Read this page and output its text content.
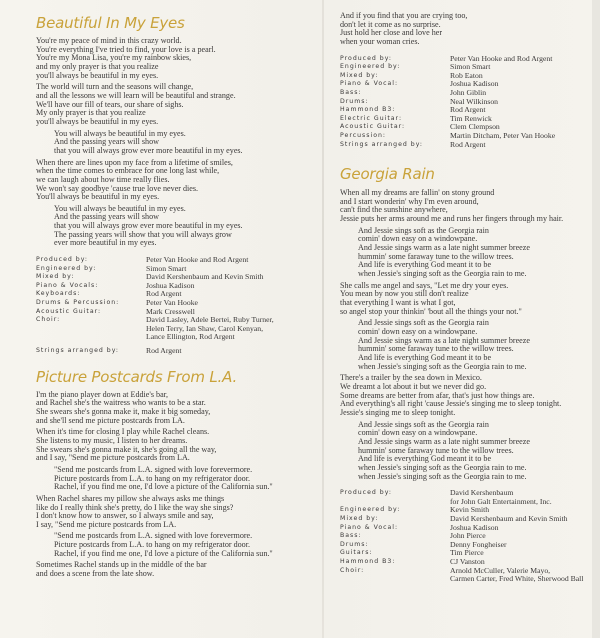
Beautiful In My Eyes
You're my peace of mind in this crazy world.
You're everything I've tried to find, your love is a pearl.
You're my Mona Lisa, you're my rainbow skies,
and my only prayer is that you realize
you'll always be beautiful in my eyes.
The world will turn and the seasons will change,
and all the lessons we will learn will be beautiful and strange.
We'll have our fill of tears, our share of sighs.
My only prayer is that you realize
you'll always be beautiful in my eyes.
You will always be beautiful in my eyes.
And the passing years will show
that you will always grow ever more beautiful in my eyes.
When there are lines upon my face from a lifetime of smiles,
when the time comes to embrace for one long last while,
we can laugh about how time really flies.
We won't say goodbye 'cause true love never dies.
You'll always be beautiful in my eyes.
You will always be beautiful in my eyes.
And the passing years will show
that you will always grow ever more beautiful in my eyes.
The passing years will show that you will always grow
ever more beautiful in my eyes.
Produced by:	Peter Van Hooke and Rod Argent
Engineered by:	Simon Smart
Mixed by:	David Kershenbaum and Kevin Smith
Piano & Vocals:	Joshua Kadison
Keyboards:	Rod Argent
Drums & Percussion:	Peter Van Hooke
Acoustic Guitar:	Mark Cresswell
Choir:	David Lasley, Adele Bertei, Ruby Turner,
Helen Terry, Ian Shaw, Carol Kenyan,
Lance Ellington, Rod Argent
Strings arranged by:	Rod Argent
Picture Postcards From L.A.
I'm the piano player down at Eddie's bar,
and Rachel she's the waitress who wants to be a star.
She swears she's gonna make it, make it big someday,
and she'll send me picture postcards from LA.
When it's time for closing I play while Rachel cleans.
She listens to my music, I listen to her dreams.
She swears she's gonna make it, she's going all the way,
and I say, "Send me picture postcards from LA.
"Send me postcards from L.A. signed with love forevermore.
Picture postcards from L.A. to hang on my refrigerator door.
Rachel, if you find me one, I'd love a picture of the California sun."
When Rachel shares my pillow she always asks me things
like do I really think she's pretty, do I like the way she sings?
I don't know how to answer, so I always smile and say,
I say, "Send me picture postcards from LA.
"Send me postcards from L.A. signed with love forevermore.
Picture postcards from L.A. to hang on my refrigerator door.
Rachel, if you find me one, I'd love a picture of the California sun."
Sometimes Rachel stands up in the middle of the bar
and does a scene from the late show.
And if you find that you are crying too,
don't let it come as no surprise.
Just hold her close and love her
when your woman cries.
Produced by:	Peter Van Hooke and Rod Argent
Engineered by:	Simon Smart
Mixed by:	Rob Eaton
Piano & Vocal:	Joshua Kadison
Bass:	John Giblin
Drums:	Neal Wilkinson
Hammond B3:	Rod Argent
Electric Guitar:	Tim Renwick
Acoustic Guitar:	Clem Clempson
Percussion:	Martin Ditcham, Peter Van Hooke
Strings arranged by:	Rod Argent
Georgia Rain
When all my dreams are fallin' on stony ground
and I start wonderin' why I'm even around,
can't find the sunshine anywhere,
Jessie puts her arms around me and runs her fingers through my hair.
And Jessie sings soft as the Georgia rain
comin' down easy on a windowpane.
And Jessie sings warm as a late night summer breeze
hummin' some faraway tune to the willow trees.
And life is everything God meant it to be
when Jessie's singing soft as the Georgia rain to me.
She calls me angel and says, "Let me dry your eyes.
You mean by now you still don't realize
that everything I want is what I got,
so angel stop your thinkin' 'bout all the things your not."
And Jessie sings soft as the Georgia rain
comin' down easy on a windowpane.
And Jessie sings warm as a late night summer breeze
hummin' some faraway tune to the willow trees.
And life is everything God meant it to be
when Jessie's singing soft as the Georgia rain to me.
There's a trailer by the sea down in Mexico.
We dreamt a lot about it but we never did go.
Some dreams are better from afar, that's just how things are.
And everything's all right 'cause Jessie's singing me to sleep tonight.
Jessie's singing me to sleep tonight.
And Jessie sings soft as the Georgia rain
comin' down easy on a windowpane.
And Jessie sings warm as a late night summer breeze
hummin' some faraway tune to the willow trees.
And life is everything God meant it to be
when Jessie's singing soft as the Georgia rain to me.
when Jessie's singing soft as the Georgia rain to me.
Produced by:	David Kershenbaum
for John Galt Entertainment, Inc.
Engineered by:	Kevin Smith
Mixed by:	David Kershenbaum and Kevin Smith
Piano & Vocal:	Joshua Kadison
Bass:	John Pierce
Drums:	Denny Fongheiser
Guitars:	Tim Pierce
Hammond B3:	CJ Vanston
Choir:	Arnold McCuller, Valerie Mayo,
Carmen Carter, Fred White, Sherwood Ball
